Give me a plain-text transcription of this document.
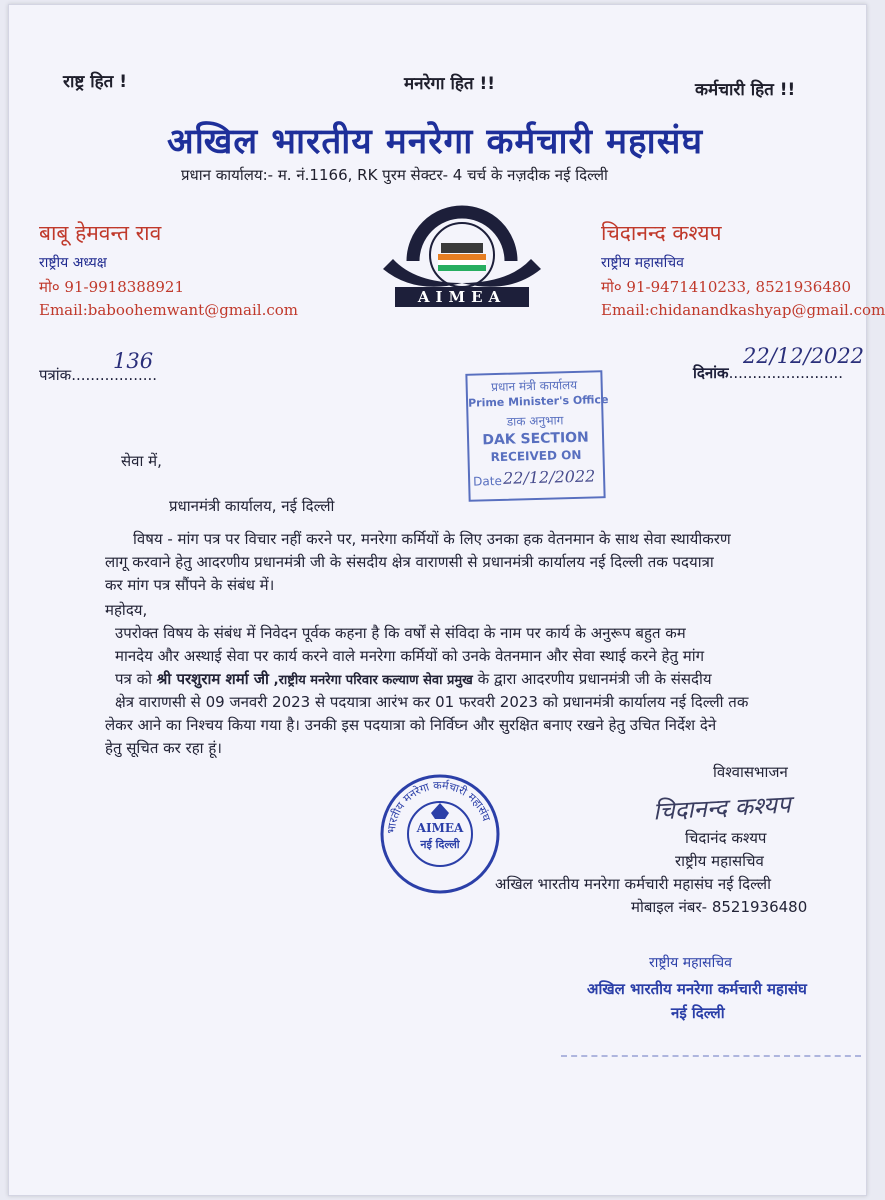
राष्ट्र हित !	मनरेगा हित !!	कर्मचारी हित !!
अखिल भारतीय मनरेगा कर्मचारी महासंघ
प्रधान कार्यालय:- म. नं.1166, RK पुरम सेक्टर- 4 चर्च के नज़दीक नई दिल्ली
बाबू हेमवन्त राव
राष्ट्रीय अध्यक्ष
मो० 91-9918388921
Email:baboohemwant@gmail.com
चिदानन्द कश्यप
राष्ट्रीय महासचिव
मो० 91-9471410233, 8521936480
Email:chidanandkashyap@gmail.com
AIMEA
पत्रांक..................
136	दिनांक........................
22/12/2022
प्रधान मंत्री कार्यालय
Prime Minister's Office
डाक अनुभाग
DAK SECTION
RECEIVED ON
Date 22/12/2022
सेवा में,
प्रधानमंत्री कार्यालय, नई दिल्ली
विषय - मांग पत्र पर विचार नहीं करने पर, मनरेगा कर्मियों के लिए उनका हक वेतनमान के साथ सेवा स्थायीकरण
लागू करवाने हेतु आदरणीय प्रधानमंत्री जी के संसदीय क्षेत्र वाराणसी से प्रधानमंत्री कार्यालय नई दिल्ली तक पदयात्रा
कर मांग पत्र सौंपने के संबंध में।
महोदय,
उपरोक्त विषय के संबंध में निवेदन पूर्वक कहना है कि वर्षों से संविदा के नाम पर कार्य के अनुरूप बहुत कम
मानदेय और अस्थाई सेवा पर कार्य करने वाले मनरेगा कर्मियों को उनके वेतनमान और सेवा स्थाई करने हेतु मांग
पत्र को श्री परशुराम शर्मा जी ,राष्ट्रीय मनरेगा परिवार कल्याण सेवा प्रमुख के द्वारा आदरणीय प्रधानमंत्री जी के संसदीय
क्षेत्र वाराणसी से 09 जनवरी 2023 से पदयात्रा आरंभ कर 01 फरवरी 2023 को प्रधानमंत्री कार्यालय नई दिल्ली तक
लेकर आने का निश्चय किया गया है। उनकी इस पदयात्रा को निर्विघ्न और सुरक्षित बनाए रखने हेतु उचित निर्देश देने
हेतु सूचित कर रहा हूं।
विश्वासभाजन
भारतीय मनरेगा कर्मचारी महासंघ
AIMEA
नई दिल्ली
चिदानन्द कश्यप
चिदानंद कश्यप
राष्ट्रीय महासचिव
अखिल भारतीय मनरेगा कर्मचारी महासंघ नई दिल्ली
मोबाइल नंबर- 8521936480
राष्ट्रीय महासचिव
अखिल भारतीय मनरेगा कर्मचारी महासंघ
नई दिल्ली
